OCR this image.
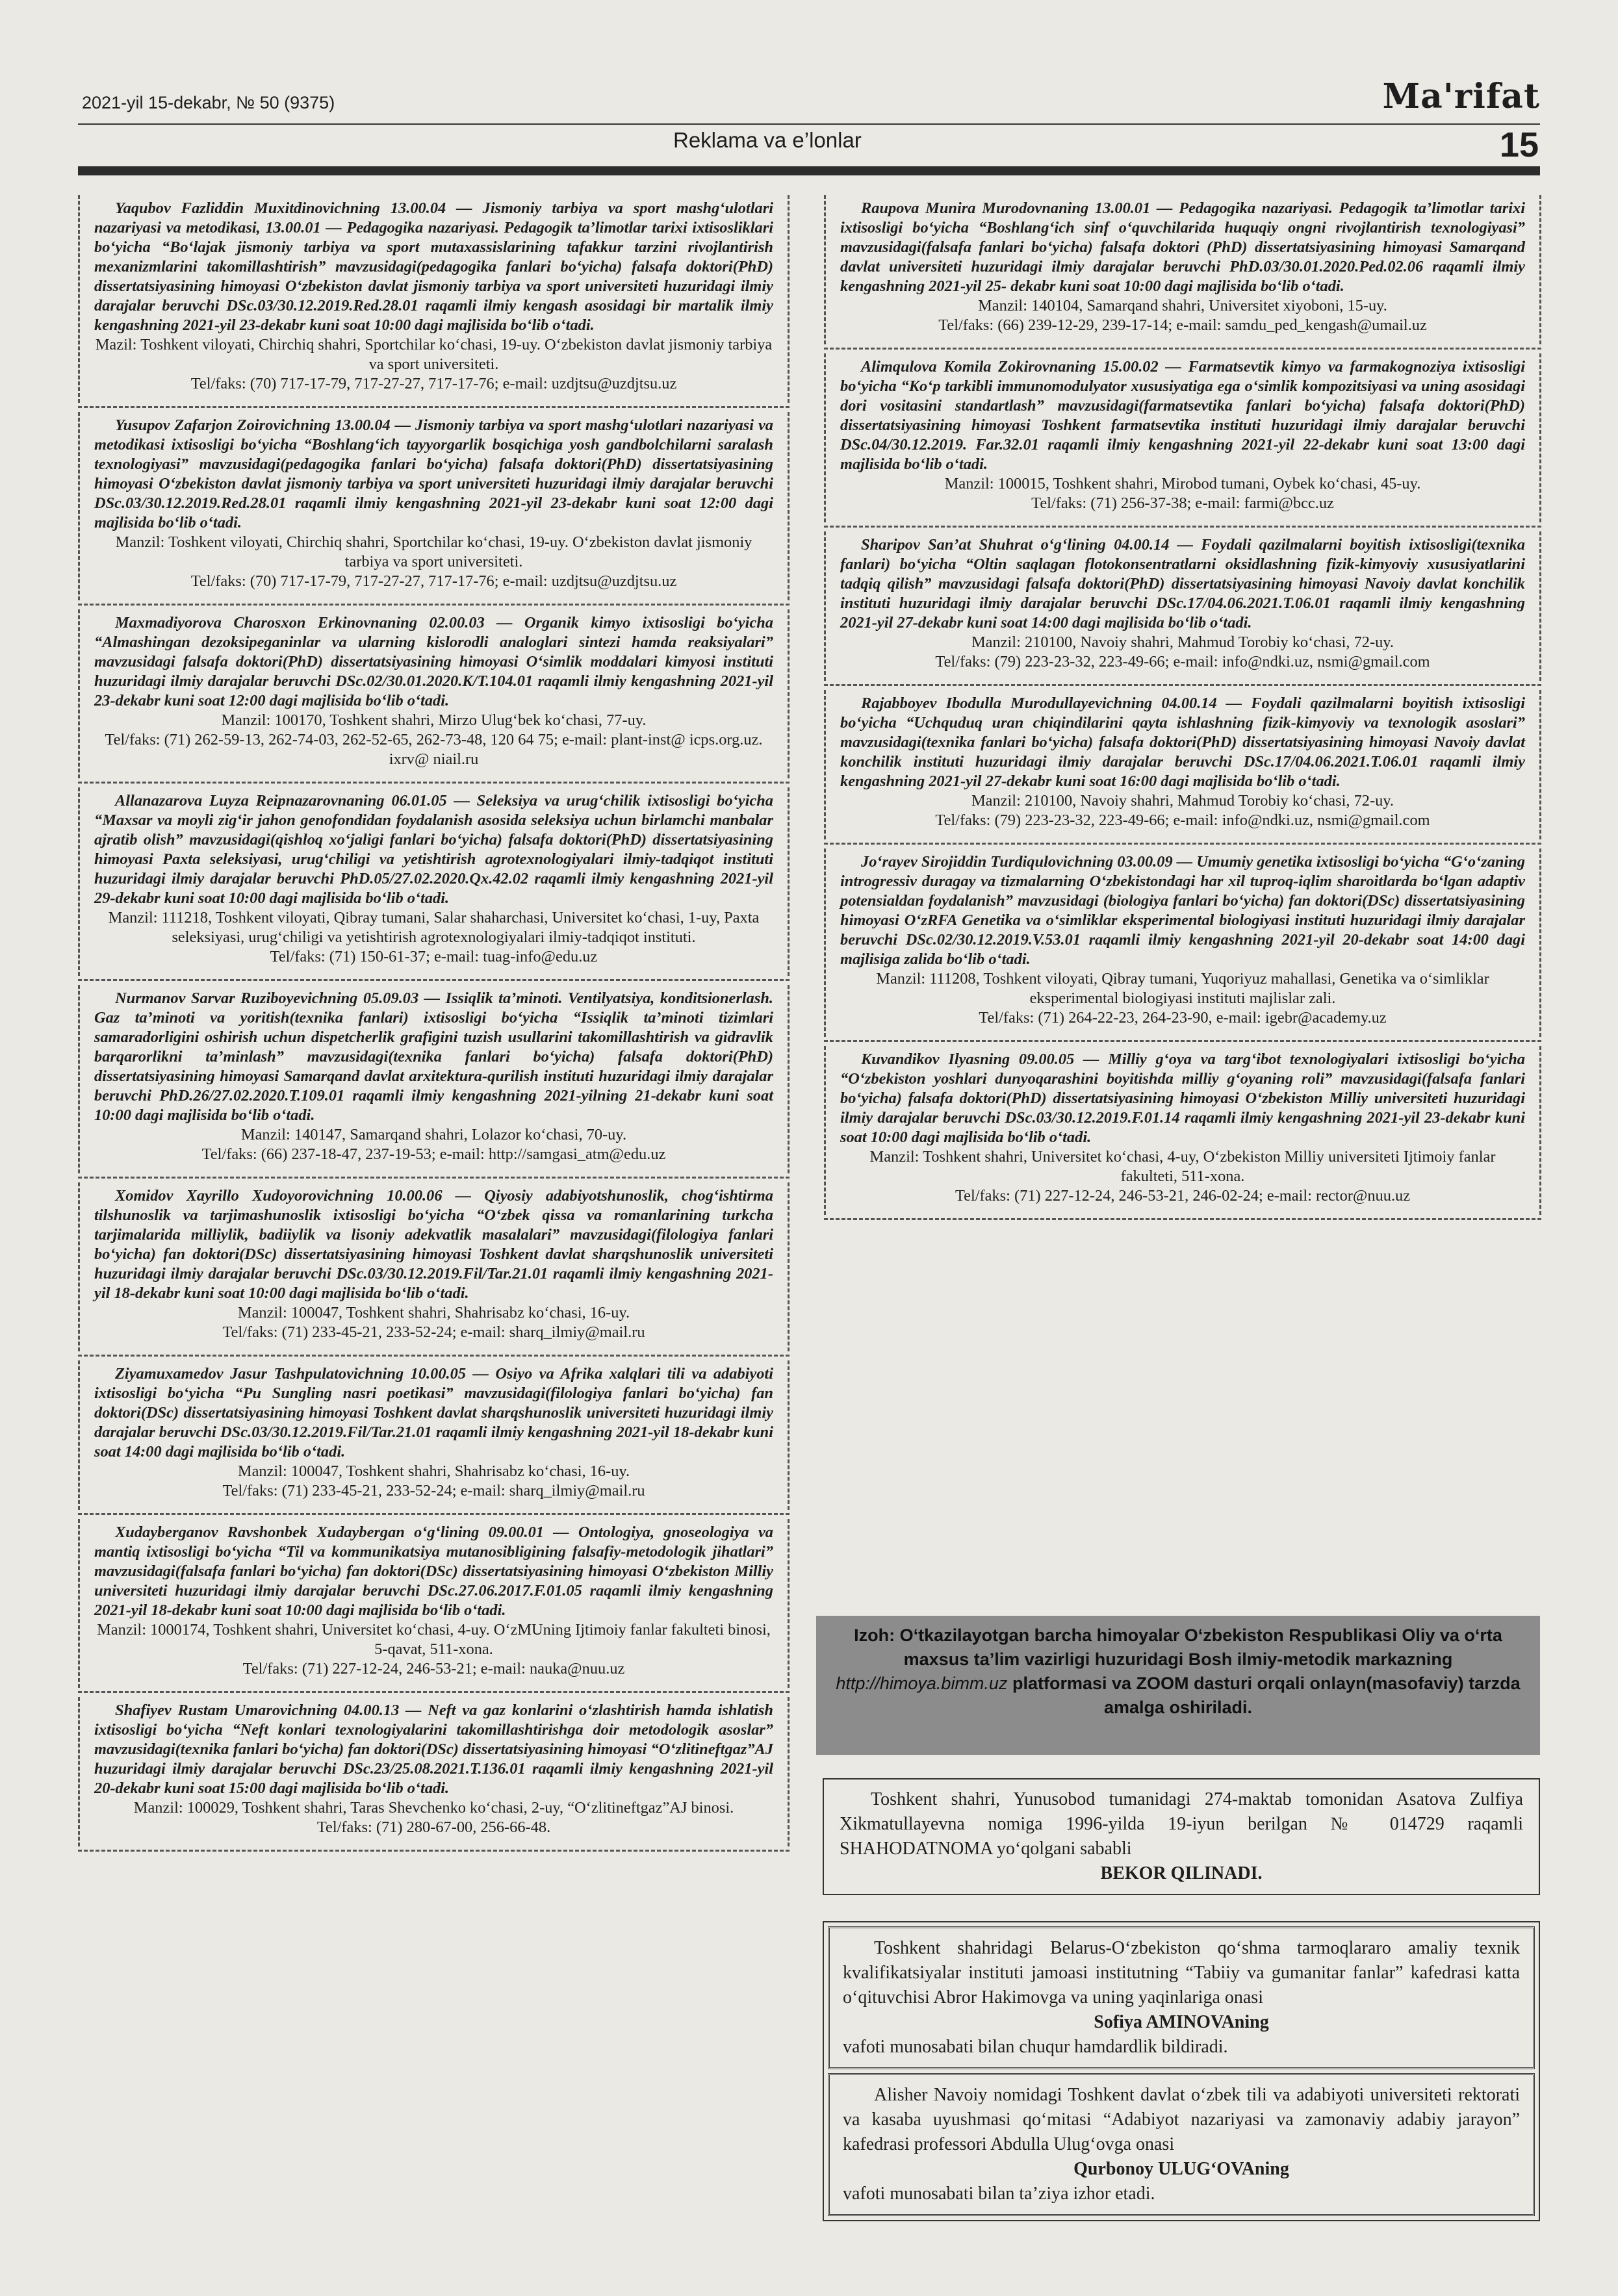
2021-yil 15-dekabr, № 50 (9375)	Ma'rifat
Reklama va e’lonlar	15

Yaqubov Fazliddin Muxitdinovichning 13.00.04 — Jismoniy tarbiya va sport mashg‘ulotlari nazariyasi va metodikasi, 13.00.01 — Pedagogika nazariyasi. Pedagogik ta’limotlar tarixi ixtisosliklari bo‘yicha “Bo‘lajak jismoniy tarbiya va sport mutaxassislarining tafakkur tarzini rivojlantirish mexanizmlarini takomillashtirish” mavzusidagi(pedagogika fanlari bo‘yicha) falsafa doktori(PhD) dissertatsiyasining himoyasi O‘zbekiston davlat jismoniy tarbiya va sport universiteti huzuridagi ilmiy darajalar beruvchi DSc.03/30.12.2019.Red.28.01 raqamli ilmiy kengash asosidagi bir martalik ilmiy kengashning 2021-yil 23-dekabr kuni soat 10:00 dagi majlisida bo‘lib o‘tadi.

Mazil: Toshkent viloyati, Chirchiq shahri, Sportchilar ko‘chasi, 19-uy. O‘zbekiston davlat jismoniy tarbiya va sport universiteti.

Tel/faks: (70) 717-17-79, 717-27-27, 717-17-76; e-mail: uzdjtsu@uzdjtsu.uz

Yusupov Zafarjon Zoirovichning 13.00.04 — Jismoniy tarbiya va sport mashg‘ulotlari nazariyasi va metodikasi ixtisosligi bo‘yicha “Boshlang‘ich tayyorgarlik bosqichiga yosh gandbolchilarni saralash texnologiyasi” mavzusidagi(pedagogika fanlari bo‘yicha) falsafa doktori(PhD) dissertatsiyasining himoyasi O‘zbekiston davlat jismoniy tarbiya va sport universiteti huzuridagi ilmiy darajalar beruvchi DSc.03/30.12.2019.Red.28.01 raqamli ilmiy kengashning 2021-yil 23-dekabr kuni soat 12:00 dagi majlisida bo‘lib o‘tadi.

Manzil: Toshkent viloyati, Chirchiq shahri, Sportchilar ko‘chasi, 19-uy. O‘zbekiston davlat jismoniy tarbiya va sport universiteti.

Tel/faks: (70) 717-17-79, 717-27-27, 717-17-76; e-mail: uzdjtsu@uzdjtsu.uz

Maxmadiyorova Charosxon Erkinovnaning 02.00.03 — Organik kimyo ixtisosligi bo‘yicha “Almashingan dezoksipeganinlar va ularning kislorodli analoglari sintezi hamda reaksiyalari” mavzusidagi falsafa doktori(PhD) dissertatsiyasining himoyasi O‘simlik moddalari kimyosi instituti huzuridagi ilmiy darajalar beruvchi DSc.02/30.01.2020.K/T.104.01 raqamli ilmiy kengashning 2021-yil 23-dekabr kuni soat 12:00 dagi majlisida bo‘lib o‘tadi.

Manzil: 100170, Toshkent shahri, Mirzo Ulug‘bek ko‘chasi, 77-uy.

Tel/faks: (71) 262-59-13, 262-74-03, 262-52-65, 262-73-48, 120 64 75; e-mail: plant-inst@ icps.org.uz. ixrv@ niail.ru

Allanazarova Luyza Reipnazarovnaning 06.01.05 — Seleksiya va urug‘chilik ixtisosligi bo‘yicha “Maxsar va moyli zig‘ir jahon genofondidan foydalanish asosida seleksiya uchun birlamchi manbalar ajratib olish” mavzusidagi(qishloq xo‘jaligi fanlari bo‘yicha) falsafa doktori(PhD) dissertatsiyasining himoyasi Paxta seleksiyasi, urug‘chiligi va yetishtirish agrotexnologiyalari ilmiy-tadqiqot instituti huzuridagi ilmiy darajalar beruvchi PhD.05/27.02.2020.Qx.42.02 raqamli ilmiy kengashning 2021-yil 29-dekabr kuni soat 10:00 dagi majlisida bo‘lib o‘tadi.

Manzil: 111218, Toshkent viloyati, Qibray tumani, Salar shaharchasi, Universitet ko‘chasi, 1-uy, Paxta seleksiyasi, urug‘chiligi va yetishtirish agrotexnologiyalari ilmiy-tadqiqot instituti.

Tel/faks: (71) 150-61-37; e-mail: tuag-info@edu.uz

Nurmanov Sarvar Ruziboyevichning 05.09.03 — Issiqlik ta’minoti. Ventilyatsiya, konditsionerlash. Gaz ta’minoti va yoritish(texnika fanlari) ixtisosligi bo‘yicha “Issiqlik ta’minoti tizimlari samaradorligini oshirish uchun dispetcherlik grafigini tuzish usullarini takomillashtirish va gidravlik barqarorlikni ta’minlash” mavzusidagi(texnika fanlari bo‘yicha) falsafa doktori(PhD) dissertatsiyasining himoyasi Samarqand davlat arxitektura-qurilish instituti huzuridagi ilmiy darajalar beruvchi PhD.26/27.02.2020.T.109.01 raqamli ilmiy kengashning 2021-yilning 21-dekabr kuni soat 10:00 dagi majlisida bo‘lib o‘tadi.

Manzil: 140147, Samarqand shahri, Lolazor ko‘chasi, 70-uy.

Tel/faks: (66) 237-18-47, 237-19-53; e-mail: http://samgasi_atm@edu.uz

Xomidov Xayrillo Xudoyorovichning 10.00.06 — Qiyosiy adabiyotshunoslik, chog‘ishtirma tilshunoslik va tarjimashunoslik ixtisosligi bo‘yicha “O‘zbek qissa va romanlarining turkcha tarjimalarida milliylik, badiiylik va lisoniy adekvatlik masalalari” mavzusidagi(filologiya fanlari bo‘yicha) fan doktori(DSc) dissertatsiyasining himoyasi Toshkent davlat sharqshunoslik universiteti huzuridagi ilmiy darajalar beruvchi DSc.03/30.12.2019.Fil/Tar.21.01 raqamli ilmiy kengashning 2021-yil 18-dekabr kuni soat 10:00 dagi majlisida bo‘lib o‘tadi.

Manzil: 100047, Toshkent shahri, Shahrisabz ko‘chasi, 16-uy.

Tel/faks: (71) 233-45-21, 233-52-24; e-mail: sharq_ilmiy@mail.ru

Ziyamuxamedov Jasur Tashpulatovichning 10.00.05 — Osiyo va Afrika xalqlari tili va adabiyoti ixtisosligi bo‘yicha “Pu Sungling nasri poetikasi” mavzusidagi(filologiya fanlari bo‘yicha) fan doktori(DSc) dissertatsiyasining himoyasi Toshkent davlat sharqshunoslik universiteti huzuridagi ilmiy darajalar beruvchi DSc.03/30.12.2019.Fil/Tar.21.01 raqamli ilmiy kengashning 2021-yil 18-dekabr kuni soat 14:00 dagi majlisida bo‘lib o‘tadi.

Manzil: 100047, Toshkent shahri, Shahrisabz ko‘chasi, 16-uy.

Tel/faks: (71) 233-45-21, 233-52-24; e-mail: sharq_ilmiy@mail.ru

Xudayberganov Ravshonbek Xudaybergan o‘g‘lining 09.00.01 — Ontologiya, gnoseologiya va mantiq ixtisosligi bo‘yicha “Til va kommunikatsiya mutanosibligining falsafiy-metodologik jihatlari” mavzusidagi(falsafa fanlari bo‘yicha) fan doktori(DSc) dissertatsiyasining himoyasi O‘zbekiston Milliy universiteti huzuridagi ilmiy darajalar beruvchi DSc.27.06.2017.F.01.05 raqamli ilmiy kengashning 2021-yil 18-dekabr kuni soat 10:00 dagi majlisida bo‘lib o‘tadi.

Manzil: 1000174, Toshkent shahri, Universitet ko‘chasi, 4-uy. O‘zMUning Ijtimoiy fanlar fakulteti binosi, 5-qavat, 511-xona.

Tel/faks: (71) 227-12-24, 246-53-21; e-mail: nauka@nuu.uz

Shafiyev Rustam Umarovichning 04.00.13 — Neft va gaz konlarini o‘zlashtirish hamda ishlatish ixtisosligi bo‘yicha “Neft konlari texnologiyalarini takomillashtirishga doir metodologik asoslar” mavzusidagi(texnika fanlari bo‘yicha) fan doktori(DSc) dissertatsiyasining himoyasi “O‘zlitineftgaz”AJ huzuridagi ilmiy darajalar beruvchi DSc.23/25.08.2021.T.136.01 raqamli ilmiy kengashning 2021-yil 20-dekabr kuni soat 15:00 dagi majlisida bo‘lib o‘tadi.

Manzil: 100029, Toshkent shahri, Taras Shevchenko ko‘chasi, 2-uy, “O‘zlitineftgaz”AJ binosi.

Tel/faks: (71) 280-67-00, 256-66-48.

Raupova Munira Murodovnaning 13.00.01 — Pedagogika nazariyasi. Pedagogik ta’limotlar tarixi ixtisosligi bo‘yicha “Boshlang‘ich sinf o‘quvchilarida huquqiy ongni rivojlantirish texnologiyasi” mavzusidagi(falsafa fanlari bo‘yicha) falsafa doktori (PhD) dissertatsiyasining himoyasi Samarqand davlat universiteti huzuridagi ilmiy darajalar beruvchi PhD.03/30.01.2020.Ped.02.06 raqamli ilmiy kengashning 2021-yil 25- dekabr kuni soat 10:00 dagi majlisida bo‘lib o‘tadi.

Manzil: 140104, Samarqand shahri, Universitet xiyoboni, 15-uy.

Tel/faks: (66) 239-12-29, 239-17-14; e-mail: samdu_ped_kengash@umail.uz

Alimqulova Komila Zokirovnaning 15.00.02 — Farmatsevtik kimyo va farmakognoziya ixtisosligi bo‘yicha “Ko‘p tarkibli immunomodulyator xususiyatiga ega o‘simlik kompozitsiyasi va uning asosidagi dori vositasini standartlash” mavzusidagi(farmatsevtika fanlari bo‘yicha) falsafa doktori(PhD) dissertatsiyasining himoyasi Toshkent farmatsevtika instituti huzuridagi ilmiy darajalar beruvchi DSc.04/30.12.2019. Far.32.01 raqamli ilmiy kengashning 2021-yil 22-dekabr kuni soat 13:00 dagi majlisida bo‘lib o‘tadi.

Manzil: 100015, Toshkent shahri, Mirobod tumani, Oybek ko‘chasi, 45-uy.

Tel/faks: (71) 256-37-38; e-mail: farmi@bcc.uz

Sharipov San’at Shuhrat o‘g‘lining 04.00.14 — Foydali qazilmalarni boyitish ixtisosligi(texnika fanlari) bo‘yicha “Oltin saqlagan flotokonsentratlarni oksidlashning fizik-kimyoviy xususiyatlarini tadqiq qilish” mavzusidagi falsafa doktori(PhD) dissertatsiyasining himoyasi Navoiy davlat konchilik instituti huzuridagi ilmiy darajalar beruvchi DSc.17/04.06.2021.T.06.01 raqamli ilmiy kengashning 2021-yil 27-dekabr kuni soat 14:00 dagi majlisida bo‘lib o‘tadi.

Manzil: 210100, Navoiy shahri, Mahmud Torobiy ko‘chasi, 72-uy.

Tel/faks: (79) 223-23-32, 223-49-66; e-mail: info@ndki.uz, nsmi@gmail.com

Rajabboyev Ibodulla Murodullayevichning 04.00.14 — Foydali qazilmalarni boyitish ixtisosligi bo‘yicha “Uchquduq uran chiqindilarini qayta ishlashning fizik-kimyoviy va texnologik asoslari” mavzusidagi(texnika fanlari bo‘yicha) falsafa doktori(PhD) dissertatsiyasining himoyasi Navoiy davlat konchilik instituti huzuridagi ilmiy darajalar beruvchi DSc.17/04.06.2021.T.06.01 raqamli ilmiy kengashning 2021-yil 27-dekabr kuni soat 16:00 dagi majlisida bo‘lib o‘tadi.

Manzil: 210100, Navoiy shahri, Mahmud Torobiy ko‘chasi, 72-uy.

Tel/faks: (79) 223-23-32, 223-49-66; e-mail: info@ndki.uz, nsmi@gmail.com

Jo‘rayev Sirojiddin Turdiqulovichning 03.00.09 — Umumiy genetika ixtisosligi bo‘yicha “G‘o‘zaning introgressiv duragay va tizmalarning O‘zbekistondagi har xil tuproq-iqlim sharoitlarda bo‘lgan adaptiv potensialdan foydalanish” mavzusidagi (biologiya fanlari bo‘yicha) fan doktori(DSc) dissertatsiyasining himoyasi O‘zRFA Genetika va o‘simliklar eksperimental biologiyasi instituti huzuridagi ilmiy darajalar beruvchi DSc.02/30.12.2019.V.53.01 raqamli ilmiy kengashning 2021-yil 20-dekabr soat 14:00 dagi majlisiga zalida bo‘lib o‘tadi.

Manzil: 111208, Toshkent viloyati, Qibray tumani, Yuqoriyuz mahallasi, Genetika va o‘simliklar eksperimental biologiyasi instituti majlislar zali.

Tel/faks: (71) 264-22-23, 264-23-90, e-mail: igebr@academy.uz

Kuvandikov Ilyasning 09.00.05 — Milliy g‘oya va targ‘ibot texnologiyalari ixtisosligi bo‘yicha “O‘zbekiston yoshlari dunyoqarashini boyitishda milliy g‘oyaning roli” mavzusidagi(falsafa fanlari bo‘yicha) falsafa doktori(PhD) dissertatsiyasining himoyasi O‘zbekiston Milliy universiteti huzuridagi ilmiy darajalar beruvchi DSc.03/30.12.2019.F.01.14 raqamli ilmiy kengashning 2021-yil 23-dekabr kuni soat 10:00 dagi majlisida bo‘lib o‘tadi.

Manzil: Toshkent shahri, Universitet ko‘chasi, 4-uy, O‘zbekiston Milliy universiteti Ijtimoiy fanlar fakulteti, 511-xona.

Tel/faks: (71) 227-12-24, 246-53-21, 246-02-24; e-mail: rector@nuu.uz

Izoh: O‘tkazilayotgan barcha himoyalar O‘zbekiston Respublikasi Oliy va o‘rta maxsus ta’lim vazirligi huzuridagi Bosh ilmiy-metodik markazning http://himoya.bimm.uz platformasi va ZOOM dasturi orqali onlayn(masofaviy) tarzda amalga oshiriladi.

Toshkent shahri, Yunusobod tumanidagi 274-maktab tomonidan Asatova Zulfiya Xikmatullayevna nomiga 1996-yilda 19-iyun berilgan № 014729 raqamli SHAHODATNOMA yo‘qolgani sababli

BEKOR QILINADI.

Toshkent shahridagi Belarus-O‘zbekiston qo‘shma tarmoqlararo amaliy texnik kvalifikatsiyalar instituti jamoasi institutning “Tabiiy va gumanitar fanlar” kafedrasi katta o‘qituvchisi Abror Hakimovga va uning yaqinlariga onasi

Sofiya AMINOVAning

vafoti munosabati bilan chuqur hamdardlik bildiradi.

Alisher Navoiy nomidagi Toshkent davlat o‘zbek tili va adabiyoti universiteti rektorati va kasaba uyushmasi qo‘mitasi “Adabiyot nazariyasi va zamonaviy adabiy jarayon” kafedrasi professori Abdulla Ulug‘ovga onasi

Qurbonoy ULUG‘OVAning

vafoti munosabati bilan ta’ziya izhor etadi.
